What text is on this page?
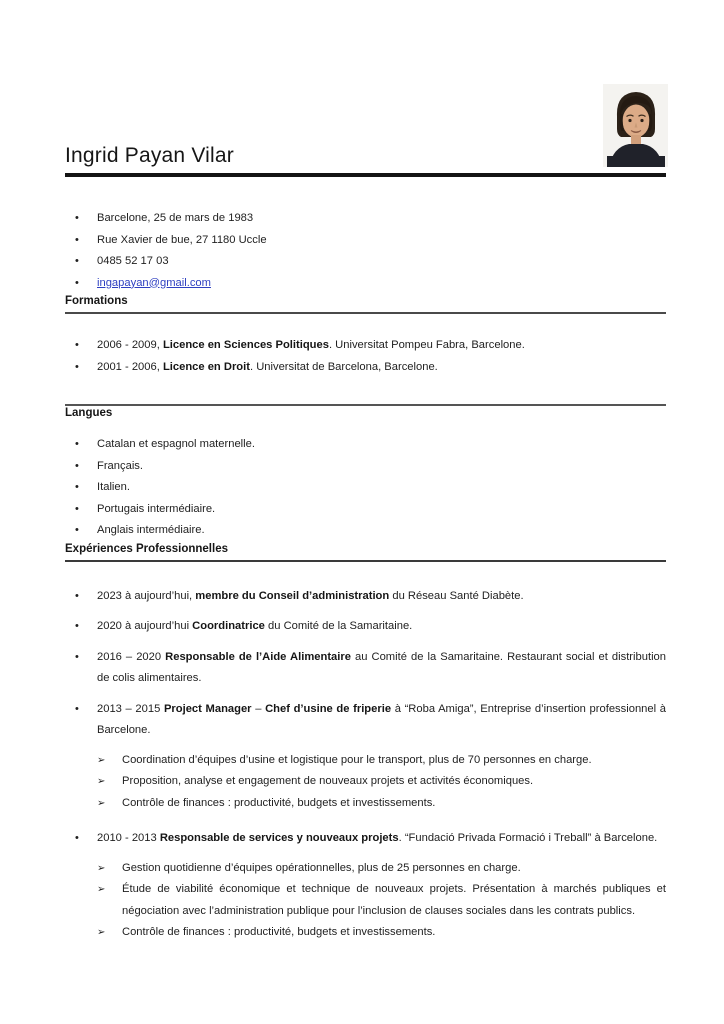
Ingrid Payan Vilar
• Barcelone, 25 de mars de 1983
• Rue Xavier de bue, 27 1180 Uccle
• 0485 52 17 03
• ingapayan@gmail.com
Formations
• 2006 - 2009, Licence en Sciences Politiques. Universitat Pompeu Fabra, Barcelone.
• 2001 - 2006, Licence en Droit. Universitat de Barcelona, Barcelone.
Langues
• Catalan et espagnol maternelle.
• Français.
• Italien.
• Portugais intermédiaire.
• Anglais intermédiaire.
Expériences Professionnelles
• 2023 à aujourd’hui, membre du Conseil d’administration du Réseau Santé Diabète.
• 2020 à aujourd’hui Coordinatrice du Comité de la Samaritaine.
• 2016 – 2020 Responsable de l’Aide Alimentaire au Comité de la Samaritaine. Restaurant social et distribution de colis alimentaires.
• 2013 – 2015 Project Manager – Chef d’usine de friperie à “Roba Amiga”, Entreprise d’insertion professionnel à Barcelone.
➢ Coordination d’équipes d’usine et logistique pour le transport, plus de 70 personnes en charge.
➢ Proposition, analyse et engagement de nouveaux projets et activités économiques.
➢ Contrôle de finances : productivité, budgets et investissements.
• 2010 - 2013 Responsable de services y nouveaux projets. “Fundació Privada Formació i Treball” à Barcelone.
➢ Gestion quotidienne d’équipes opérationnelles, plus de 25 personnes en charge.
➢ Étude de viabilité économique et technique de nouveaux projets. Présentation à marchés publiques et négociation avec l’administration publique pour l’inclusion de clauses sociales dans les contrats publics.
➢ Contrôle de finances : productivité, budgets et investissements.
